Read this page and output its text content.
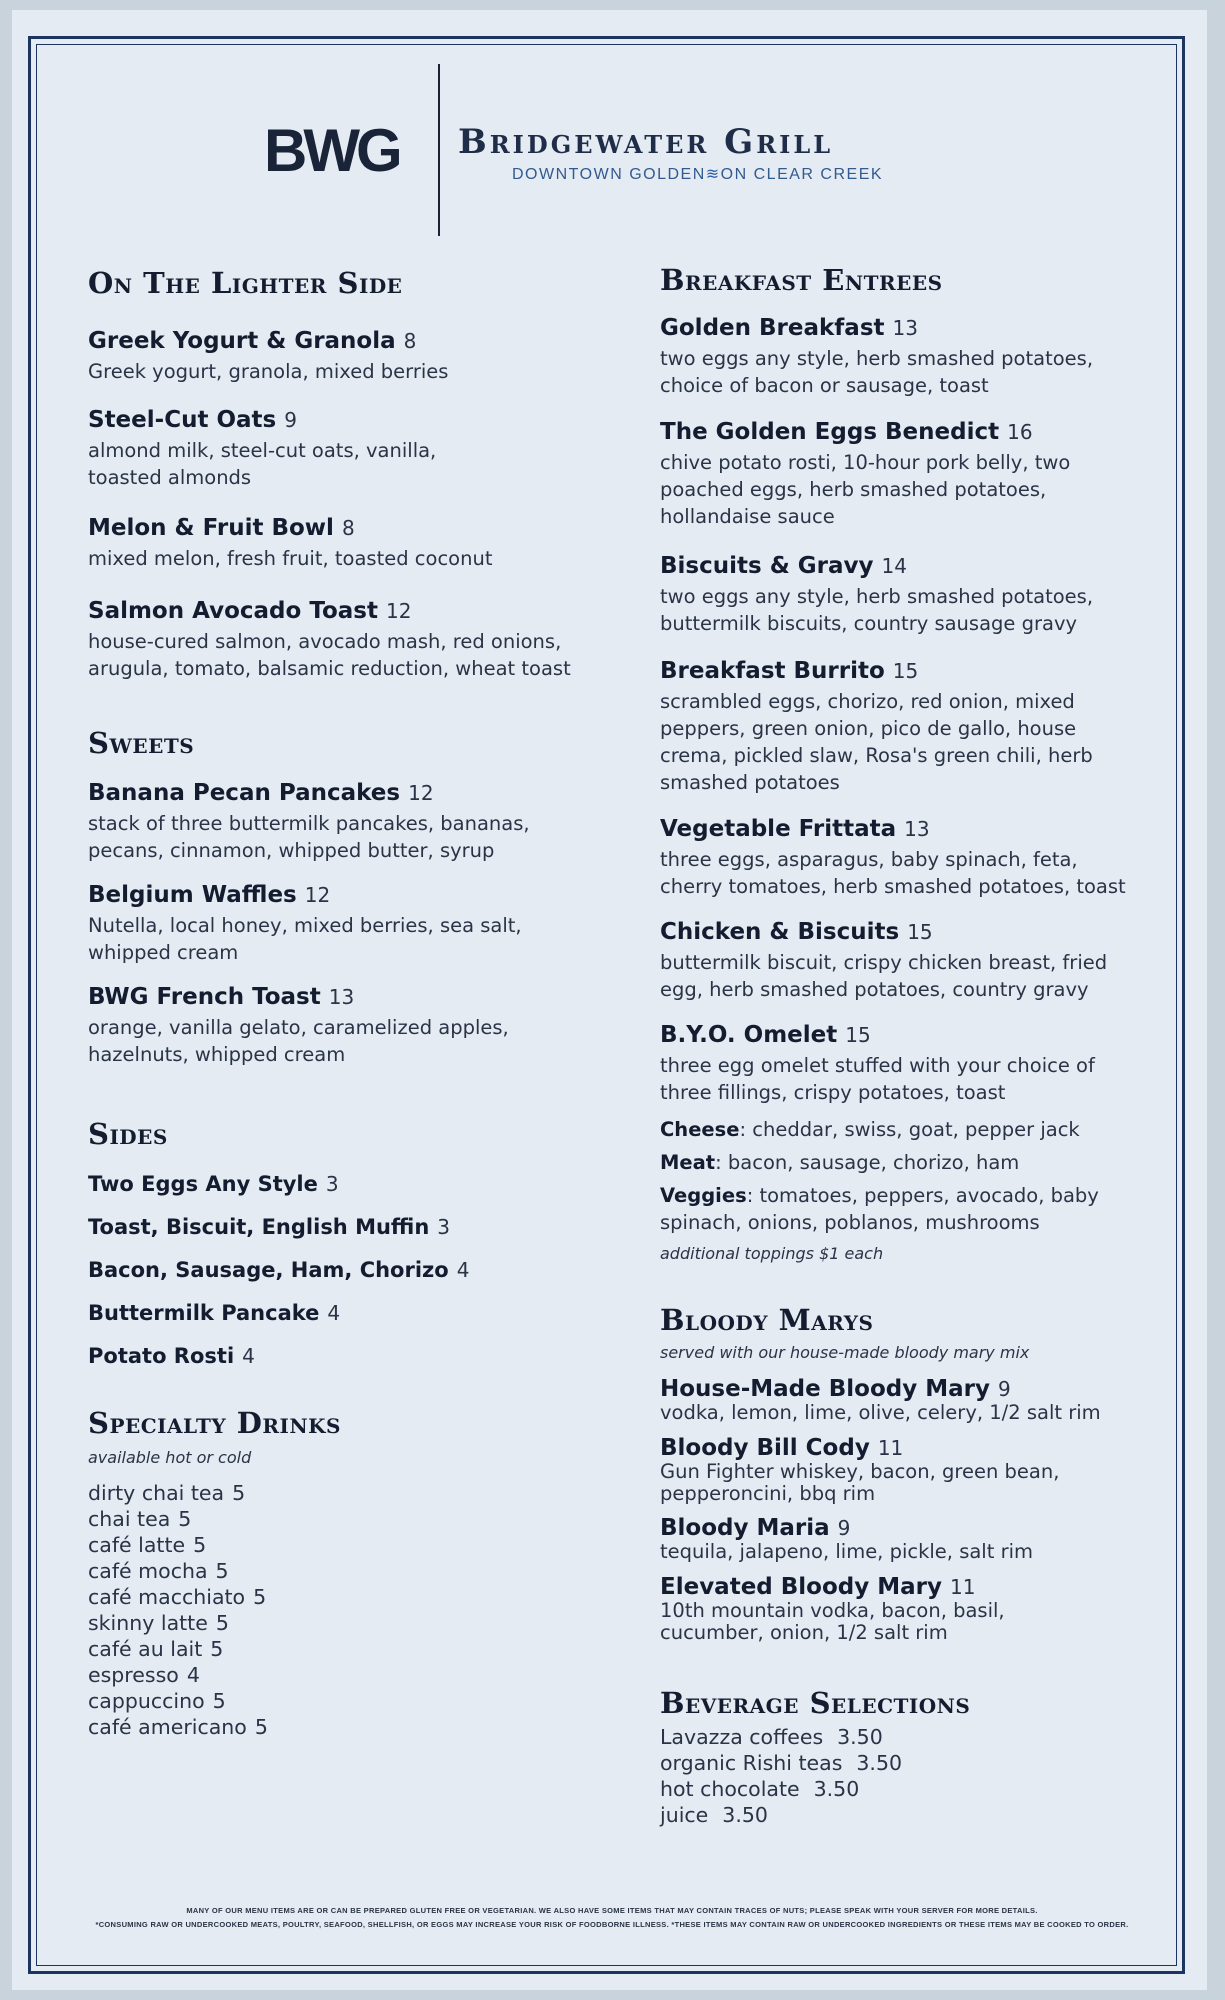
BWG Bridgewater Grill
DOWNTOWN GOLDEN≋ON CLEAR CREEK
On The Lighter Side
Greek Yogurt & Granola 8
Greek yogurt, granola, mixed berries
Steel-Cut Oats 9
almond milk, steel-cut oats, vanilla, toasted almonds
Melon & Fruit Bowl 8
mixed melon, fresh fruit, toasted coconut
Salmon Avocado Toast 12
house-cured salmon, avocado mash, red onions, arugula, tomato, balsamic reduction, wheat toast
Sweets
Banana Pecan Pancakes 12
stack of three buttermilk pancakes, bananas, pecans, cinnamon, whipped butter, syrup
Belgium Waffles 12
Nutella, local honey, mixed berries, sea salt, whipped cream
BWG French Toast 13
orange, vanilla gelato, caramelized apples, hazelnuts, whipped cream
Sides
Two Eggs Any Style 3
Toast, Biscuit, English Muffin 3
Bacon, Sausage, Ham, Chorizo 4
Buttermilk Pancake 4
Potato Rosti 4
Specialty Drinks
available hot or cold
dirty chai tea 5
chai tea 5
café latte 5
café mocha 5
café macchiato 5
skinny latte 5
café au lait 5
espresso 4
cappuccino 5
café americano 5
Breakfast Entrees
Golden Breakfast 13
two eggs any style, herb smashed potatoes, choice of bacon or sausage, toast
The Golden Eggs Benedict 16
chive potato rosti, 10-hour pork belly, two poached eggs, herb smashed potatoes, hollandaise sauce
Biscuits & Gravy 14
two eggs any style, herb smashed potatoes, buttermilk biscuits, country sausage gravy
Breakfast Burrito 15
scrambled eggs, chorizo, red onion, mixed peppers, green onion, pico de gallo, house crema, pickled slaw, Rosa's green chili, herb smashed potatoes
Vegetable Frittata 13
three eggs, asparagus, baby spinach, feta, cherry tomatoes, herb smashed potatoes, toast
Chicken & Biscuits 15
buttermilk biscuit, crispy chicken breast, fried egg, herb smashed potatoes, country gravy
B.Y.O. Omelet 15
three egg omelet stuffed with your choice of three fillings, crispy potatoes, toast
Cheese: cheddar, swiss, goat, pepper jack
Meat: bacon, sausage, chorizo, ham
Veggies: tomatoes, peppers, avocado, baby spinach, onions, poblanos, mushrooms
additional toppings $1 each
Bloody Marys
served with our house-made bloody mary mix
House-Made Bloody Mary 9
vodka, lemon, lime, olive, celery, 1/2 salt rim
Bloody Bill Cody 11
Gun Fighter whiskey, bacon, green bean, pepperoncini, bbq rim
Bloody Maria 9
tequila, jalapeno, lime, pickle, salt rim
Elevated Bloody Mary 11
10th mountain vodka, bacon, basil, cucumber, onion, 1/2 salt rim
Beverage Selections
Lavazza coffees 3.50
organic Rishi teas 3.50
hot chocolate 3.50
juice 3.50
MANY OF OUR MENU ITEMS ARE OR CAN BE PREPARED GLUTEN FREE OR VEGETARIAN. WE ALSO HAVE SOME ITEMS THAT MAY CONTAIN TRACES OF NUTS; PLEASE SPEAK WITH YOUR SERVER FOR MORE DETAILS.
*CONSUMING RAW OR UNDERCOOKED MEATS, POULTRY, SEAFOOD, SHELLFISH, OR EGGS MAY INCREASE YOUR RISK OF FOODBORNE ILLNESS. *THESE ITEMS MAY CONTAIN RAW OR UNDERCOOKED INGREDIENTS OR THESE ITEMS MAY BE COOKED TO ORDER.
